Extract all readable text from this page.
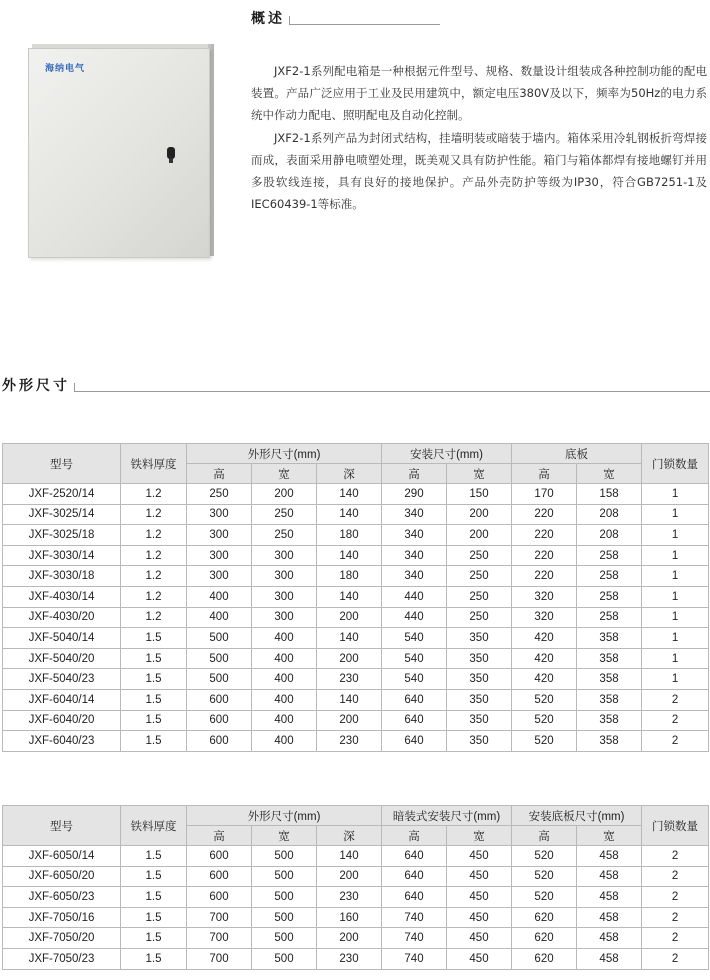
概述
海纳电气	JXF2-1系列配电箱是一种根据元件型号、规格、数量设计组装成各种控制功能的配电装置。产品广泛应用于工业及民用建筑中，额定电压380V及以下，频率为50Hz的电力系统中作动力配电、照明配电及自动化控制。

JXF2-1系列产品为封闭式结构，挂墙明装或暗装于墙内。箱体采用冷轧钢板折弯焊接而成，表面采用静电喷塑处理，既美观又具有防护性能。箱门与箱体都焊有接地螺钉并用多股软线连接，具有良好的接地保护。产品外壳防护等级为IP30，符合GB7251-1及IEC60439-1等标准。

外形尺寸
型号	铁料厚度	外形尺寸(mm)			安装尺寸(mm)		底板		门锁数量
		高	宽	深	高	宽	高	宽	
JXF-2520/14	1.2	250	200	140	290	150	170	158	1
JXF-3025/14	1.2	300	250	140	340	200	220	208	1
JXF-3025/18	1.2	300	250	180	340	200	220	208	1
JXF-3030/14	1.2	300	300	140	340	250	220	258	1
JXF-3030/18	1.2	300	300	180	340	250	220	258	1
JXF-4030/14	1.2	400	300	140	440	250	320	258	1
JXF-4030/20	1.2	400	300	200	440	250	320	258	1
JXF-5040/14	1.5	500	400	140	540	350	420	358	1
JXF-5040/20	1.5	500	400	200	540	350	420	358	1
JXF-5040/23	1.5	500	400	230	540	350	420	358	1
JXF-6040/14	1.5	600	400	140	640	350	520	358	2
JXF-6040/20	1.5	600	400	200	640	350	520	358	2
JXF-6040/23	1.5	600	400	230	640	350	520	358	2
型号	铁料厚度	外形尺寸(mm)			暗装式安装尺寸(mm)		安装底板尺寸(mm)		门锁数量
		高	宽	深	高	宽	高	宽	
JXF-6050/14	1.5	600	500	140	640	450	520	458	2
JXF-6050/20	1.5	600	500	200	640	450	520	458	2
JXF-6050/23	1.5	600	500	230	640	450	520	458	2
JXF-7050/16	1.5	700	500	160	740	450	620	458	2
JXF-7050/20	1.5	700	500	200	740	450	620	458	2
JXF-7050/23	1.5	700	500	230	740	450	620	458	2
